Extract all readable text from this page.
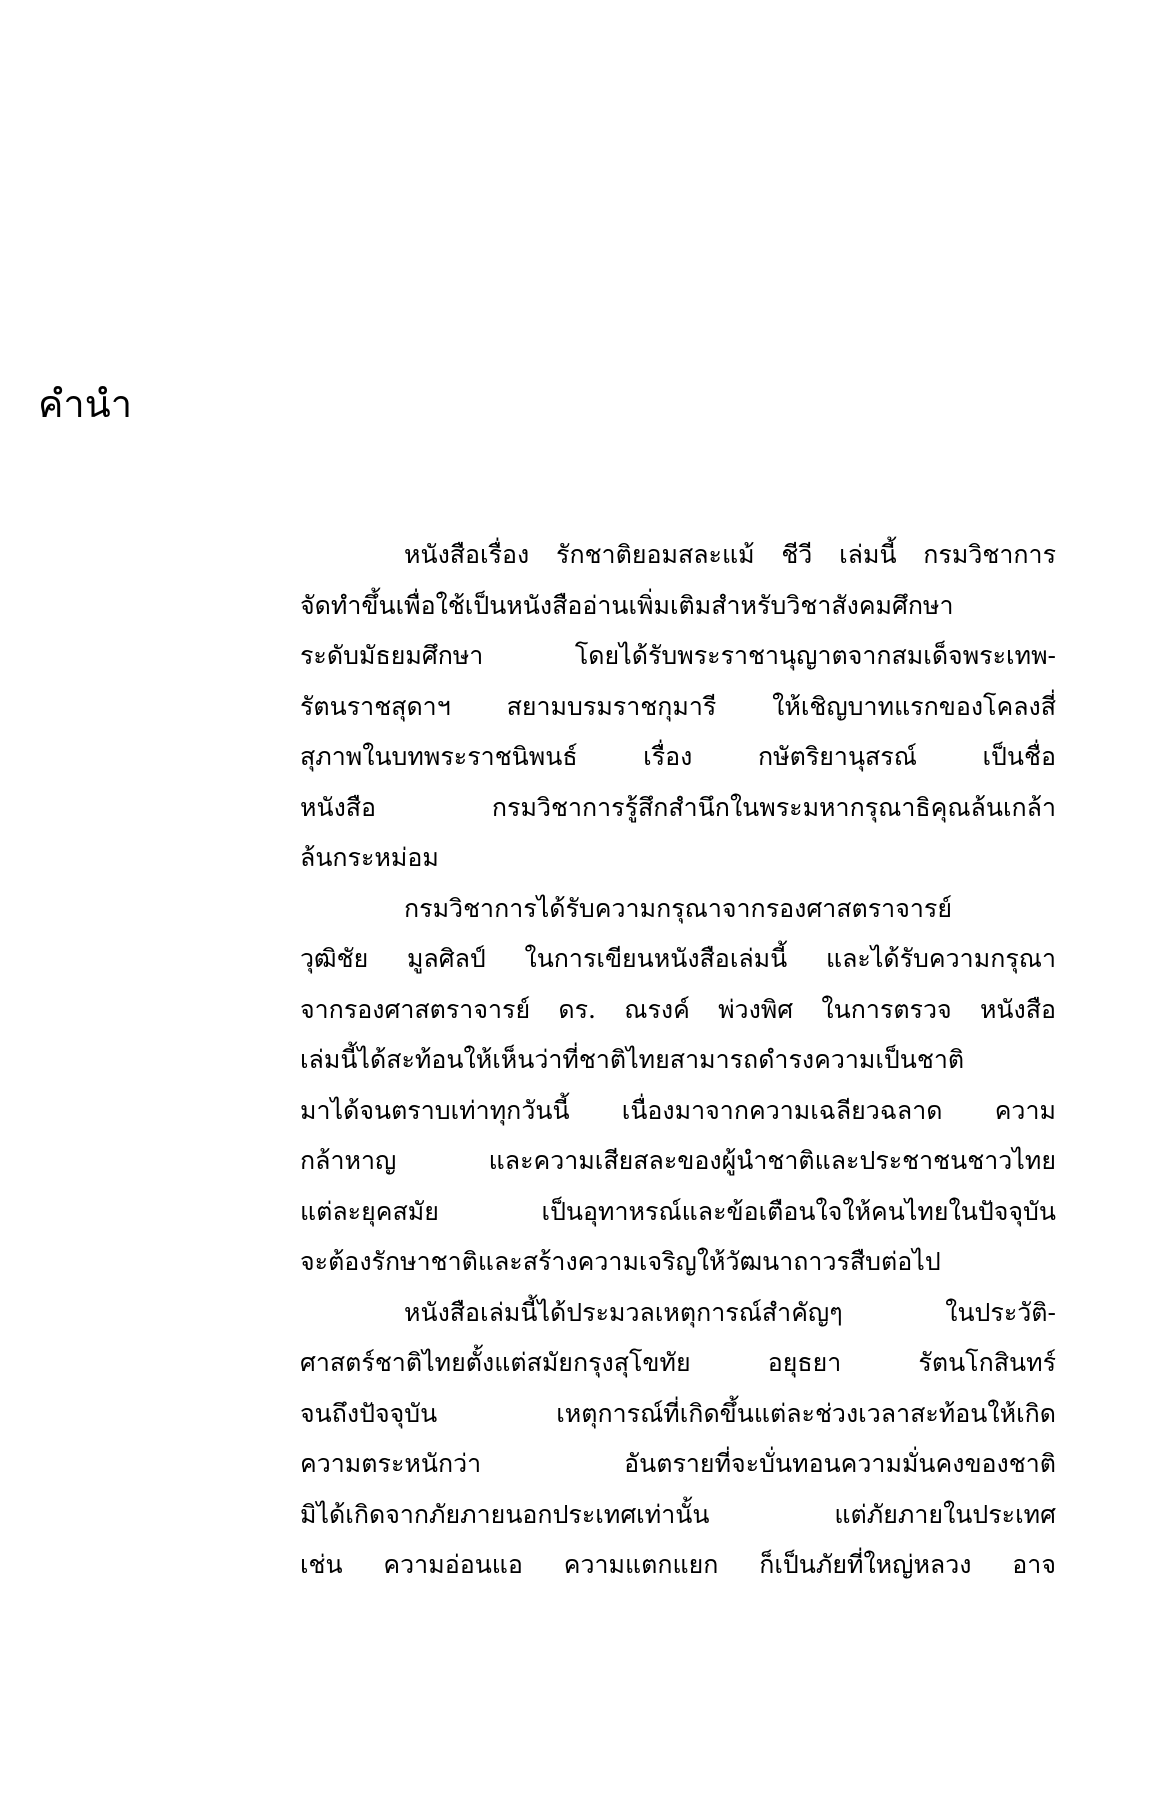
คำนำ
หนังสือเรื่อง รักชาติยอมสละแม้ ชีวี เล่มนี้ กรมวิชาการ
จัดทำขึ้นเพื่อใช้เป็นหนังสืออ่านเพิ่มเติมสำหรับวิชาสังคมศึกษา
ระดับมัธยมศึกษา โดยได้รับพระราชานุญาตจากสมเด็จพระเทพ-
รัตนราชสุดาฯ สยามบรมราชกุมารี ให้เชิญบาทแรกของโคลงสี่
สุภาพในบทพระราชนิพนธ์ เรื่อง กษัตริยานุสรณ์ เป็นชื่อ
หนังสือ กรมวิชาการรู้สึกสำนึกในพระมหากรุณาธิคุณล้นเกล้า
ล้นกระหม่อม
กรมวิชาการได้รับความกรุณาจากรองศาสตราจารย์
วุฒิชัย มูลศิลป์ ในการเขียนหนังสือเล่มนี้ และได้รับความกรุณา
จากรองศาสตราจารย์ ดร. ณรงค์ พ่วงพิศ ในการตรวจ หนังสือ
เล่มนี้ได้สะท้อนให้เห็นว่าที่ชาติไทยสามารถดำรงความเป็นชาติ
มาได้จนตราบเท่าทุกวันนี้ เนื่องมาจากความเฉลียวฉลาด ความ
กล้าหาญ และความเสียสละของผู้นำชาติและประชาชนชาวไทย
แต่ละยุคสมัย เป็นอุทาหรณ์และข้อเตือนใจให้คนไทยในปัจจุบัน
จะต้องรักษาชาติและสร้างความเจริญให้วัฒนาถาวรสืบต่อไป
หนังสือเล่มนี้ได้ประมวลเหตุการณ์สำคัญๆ ในประวัติ-
ศาสตร์ชาติไทยตั้งแต่สมัยกรุงสุโขทัย อยุธยา รัตนโกสินทร์
จนถึงปัจจุบัน เหตุการณ์ที่เกิดขึ้นแต่ละช่วงเวลาสะท้อนให้เกิด
ความตระหนักว่า อันตรายที่จะบั่นทอนความมั่นคงของชาติ
มิได้เกิดจากภัยภายนอกประเทศเท่านั้น แต่ภัยภายในประเทศ
เช่น ความอ่อนแอ ความแตกแยก ก็เป็นภัยที่ใหญ่หลวง อาจ
